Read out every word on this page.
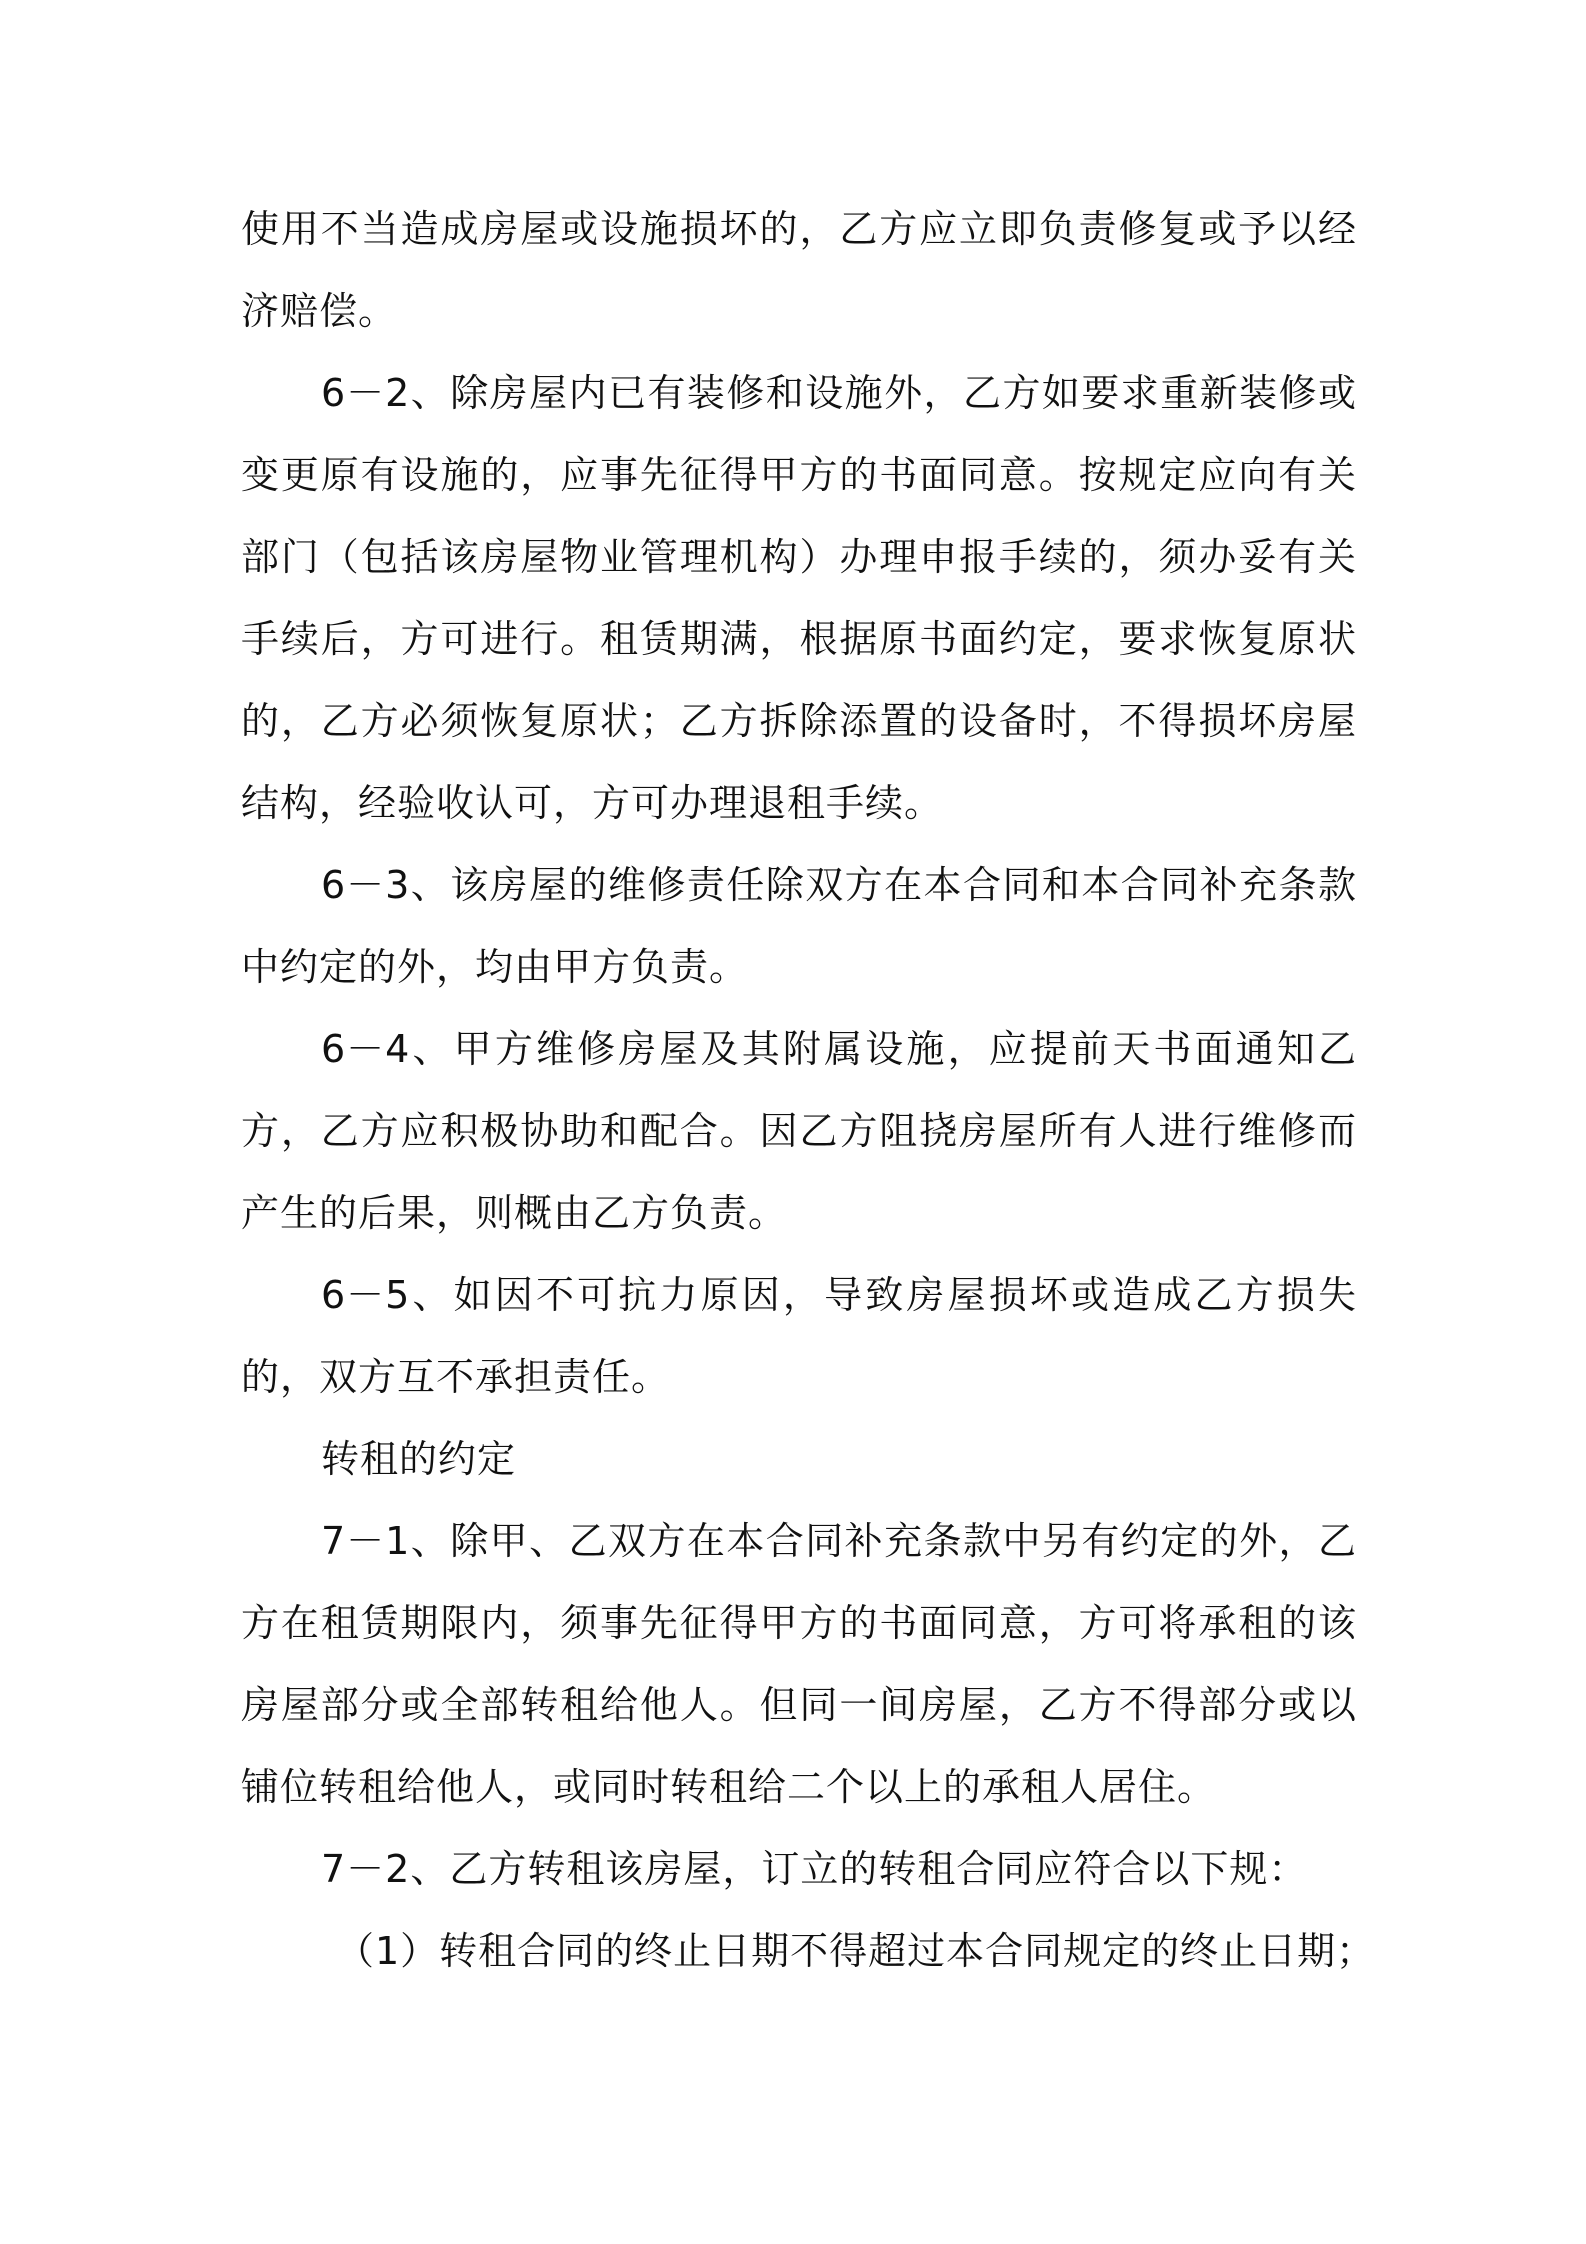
使用不当造成房屋或设施损坏的，乙方应立即负责修复或予以经济赔偿。

6－2、除房屋内已有装修和设施外，乙方如要求重新装修或变更原有设施的，应事先征得甲方的书面同意。按规定应向有关部门（包括该房屋物业管理机构）办理申报手续的，须办妥有关手续后，方可进行。租赁期满，根据原书面约定，要求恢复原状的，乙方必须恢复原状；乙方拆除添置的设备时，不得损坏房屋结构，经验收认可，方可办理退租手续。

6－3、该房屋的维修责任除双方在本合同和本合同补充条款中约定的外，均由甲方负责。

6－4、甲方维修房屋及其附属设施，应提前天书面通知乙方，乙方应积极协助和配合。因乙方阻挠房屋所有人进行维修而产生的后果，则概由乙方负责。

6－5、如因不可抗力原因，导致房屋损坏或造成乙方损失的，双方互不承担责任。

转租的约定

7－1、除甲、乙双方在本合同补充条款中另有约定的外，乙方在租赁期限内，须事先征得甲方的书面同意，方可将承租的该房屋部分或全部转租给他人。但同一间房屋，乙方不得部分或以铺位转租给他人，或同时转租给二个以上的承租人居住。

7－2、乙方转租该房屋，订立的转租合同应符合以下规：

（1）转租合同的终止日期不得超过本合同规定的终止日期；
